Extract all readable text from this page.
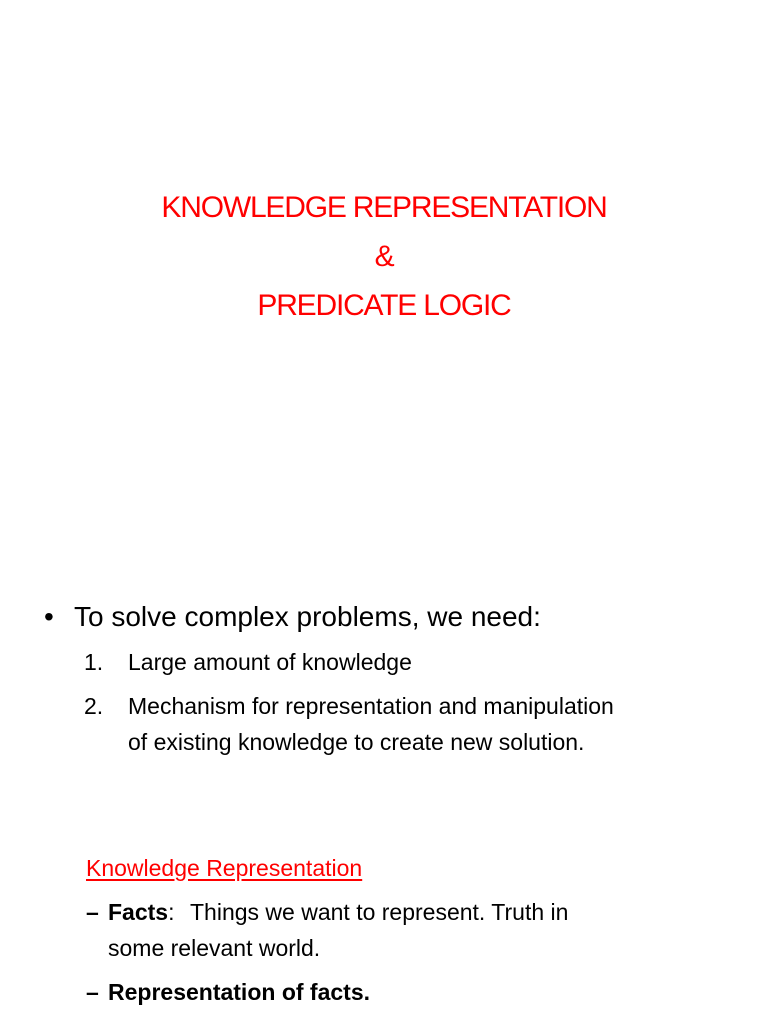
KNOWLEDGE REPRESENTATION
&
PREDICATE LOGIC
• To solve complex problems, we need:
1. Large amount of knowledge
2. Mechanism for representation and manipulation
of existing knowledge to create new solution.
Knowledge Representation
– Facts: Things we want to represent. Truth in
some relevant world.
– Representation of facts.
